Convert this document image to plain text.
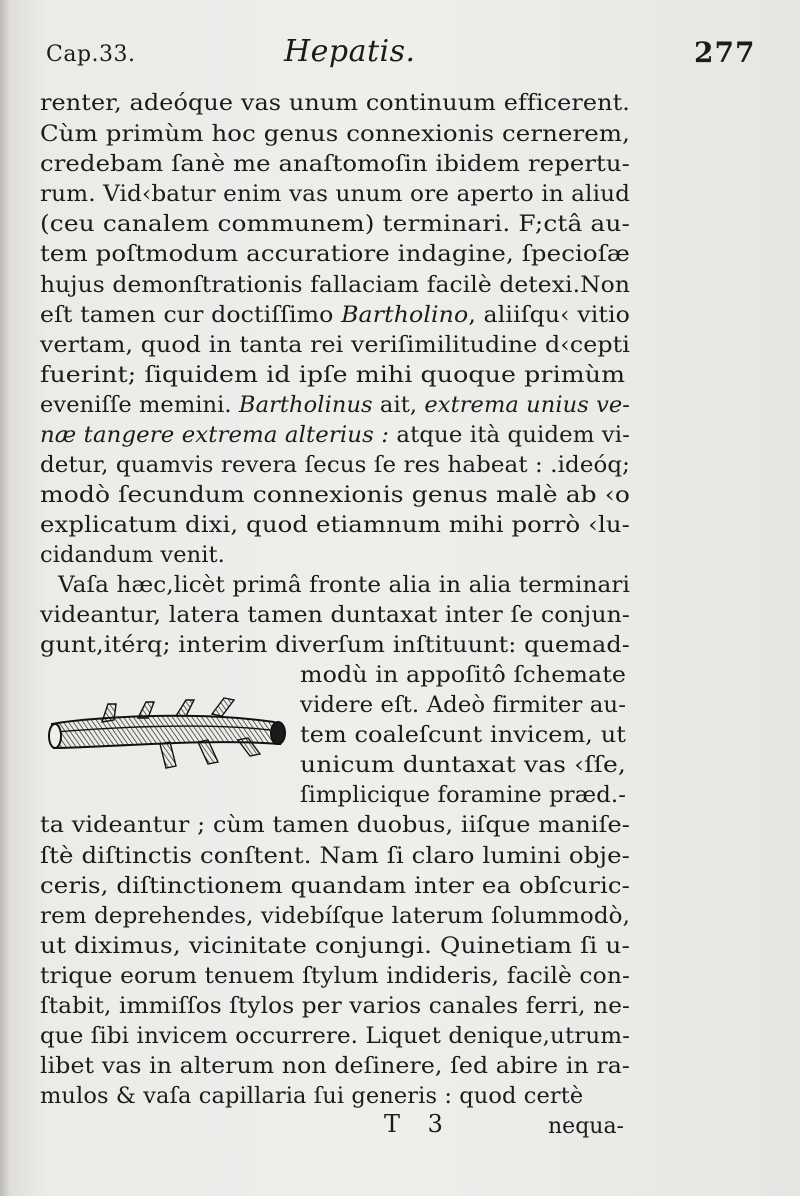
Cap.33.	Hepatis.	277
renter, adeóque vas unum continuum efficerent.
Cùm primùm hoc genus connexionis cernerem,
credebam ſanè me anaſtomoſin ibidem repertu-
rum. Vid‹batur enim vas unum ore aperto in aliud
(ceu canalem communem) terminari. F;ctâ au-
tem poſtmodum accuratiore indagine, ſpecioſæ
hujus demonſtrationis fallaciam facilè detexi.Non
eſt tamen cur doctiſſimo Bartholino, aliiſqu‹ vitio
vertam, quod in tanta rei veriſimilitudine d‹cepti
fuerint; ſiquidem id ipſe mihi quoque primùm
eveniſſe memini. Bartholinus ait, extrema unius ve-
næ tangere extrema alterius : atque ità quidem vi-
detur, quamvis revera ſecus ſe res habeat : .ideóq;
modò ſecundum connexionis genus malè ab ‹o
explicatum dixi, quod etiamnum mihi porrò ‹lu-
cidandum venit.
Vaſa hæc,licèt primâ fronte alia in alia terminari
videantur, latera tamen duntaxat inter ſe conjun-
gunt,itérq; interim diverſum inſtituunt: quemad-
modù in appoſitô ſchemate
videre eſt. Adeò firmiter au-
tem coaleſcunt invicem, ut
unicum duntaxat vas ‹ſſe,
ſimplicique foramine præd.-
ta videantur ; cùm tamen duobus, iiſque maniſe-
ſtè diſtinctis conſtent. Nam ſi claro lumini obje-
ceris, diſtinctionem quandam inter ea obſcuric-
rem deprehendes, videbíſque laterum ſolummodò,
ut diximus, vicinitate conjungi. Quinetiam ſi u-
trique eorum tenuem ſtylum indideris, facilè con-
ſtabit, immiſſos ſtylos per varios canales ferri, ne-
que ſibi invicem occurrere. Liquet denique,utrum-
libet vas in alterum non deſinere, ſed abire in ra-
mulos & vaſa capillaria ſui generis : quod certè
T 3	nequa-
